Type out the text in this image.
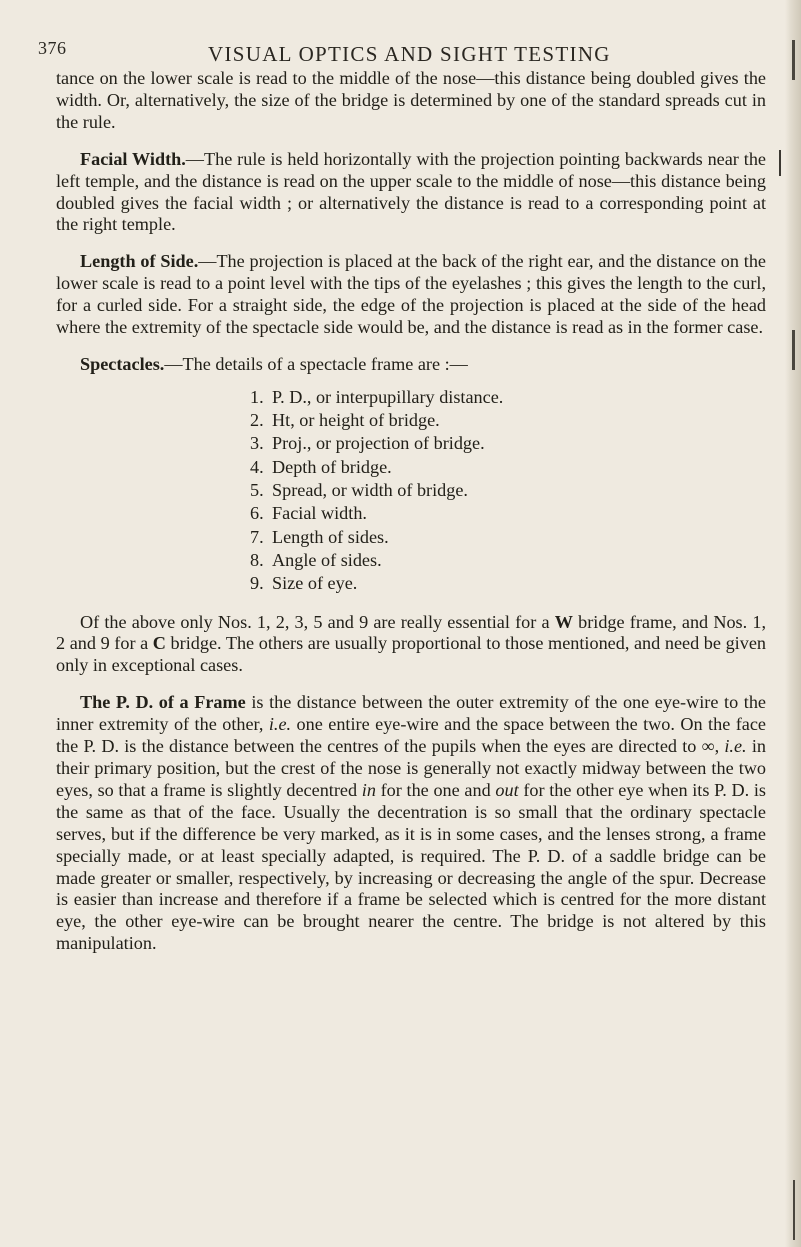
376	VISUAL OPTICS AND SIGHT TESTING

tance on the lower scale is read to the middle of the nose—this distance being doubled gives the width. Or, alternatively, the size of the bridge is determined by one of the standard spreads cut in the rule.

Facial Width.—The rule is held horizontally with the projection pointing backwards near the left temple, and the distance is read on the upper scale to the middle of nose—this distance being doubled gives the facial width ; or alternatively the distance is read to a corresponding point at the right temple.

Length of Side.—The projection is placed at the back of the right ear, and the distance on the lower scale is read to a point level with the tips of the eyelashes ; this gives the length to the curl, for a curled side. For a straight side, the edge of the projection is placed at the side of the head where the extremity of the spectacle side would be, and the distance is read as in the former case.

Spectacles.—The details of a spectacle frame are :—

1. P. D., or interpupillary distance.
2. Ht, or height of bridge.
3. Proj., or projection of bridge.
4. Depth of bridge.
5. Spread, or width of bridge.
6. Facial width.
7. Length of sides.
8. Angle of sides.
9. Size of eye.

Of the above only Nos. 1, 2, 3, 5 and 9 are really essential for a W bridge frame, and Nos. 1, 2 and 9 for a C bridge. The others are usually proportional to those mentioned, and need be given only in exceptional cases.

The P. D. of a Frame is the distance between the outer extremity of the one eye-wire to the inner extremity of the other, i.e. one entire eye-wire and the space between the two. On the face the P. D. is the distance between the centres of the pupils when the eyes are directed to ∞, i.e. in their primary position, but the crest of the nose is generally not exactly midway between the two eyes, so that a frame is slightly decentred in for the one and out for the other eye when its P. D. is the same as that of the face. Usually the decentration is so small that the ordinary spectacle serves, but if the difference be very marked, as it is in some cases, and the lenses strong, a frame specially made, or at least specially adapted, is required. The P. D. of a saddle bridge can be made greater or smaller, respectively, by increasing or decreasing the angle of the spur. Decrease is easier than increase and therefore if a frame be selected which is centred for the more distant eye, the other eye-wire can be brought nearer the centre. The bridge is not altered by this manipulation.
